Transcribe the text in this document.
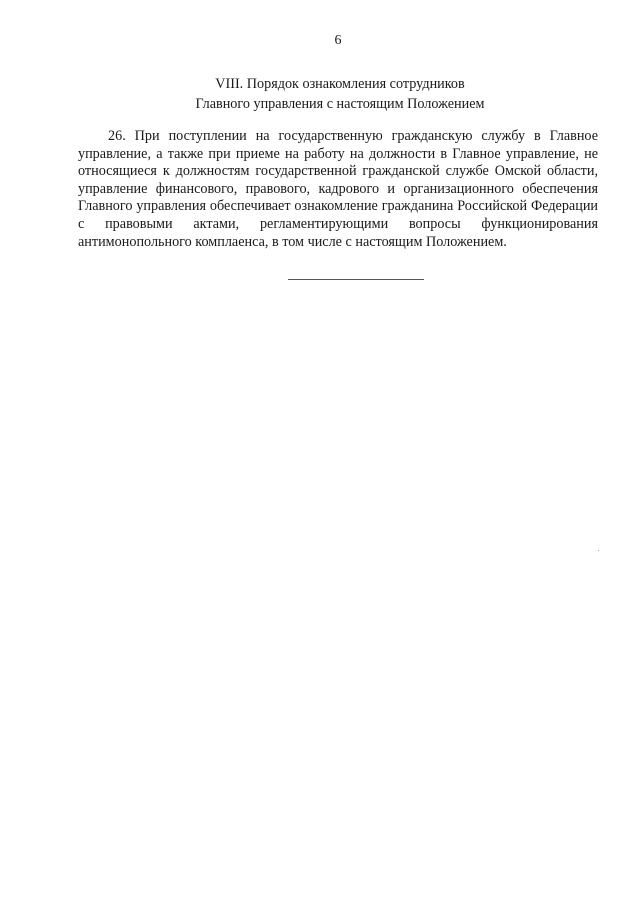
6
VIII. Порядок ознакомления сотрудников
Главного управления с настоящим Положением

26. При поступлении на государственную гражданскую службу в Главное управление, а также при приеме на работу на должности в Главное управление, не относящиеся к должностям государственной гражданской службе Омской области, управление финансового, правового, кадрового и организационного обеспечения Главного управления обеспечивает ознакомление гражданина Российской Федерации с правовыми актами, регламентирующими вопросы функционирования антимонопольного комплаенса, в том числе с настоящим Положением.
